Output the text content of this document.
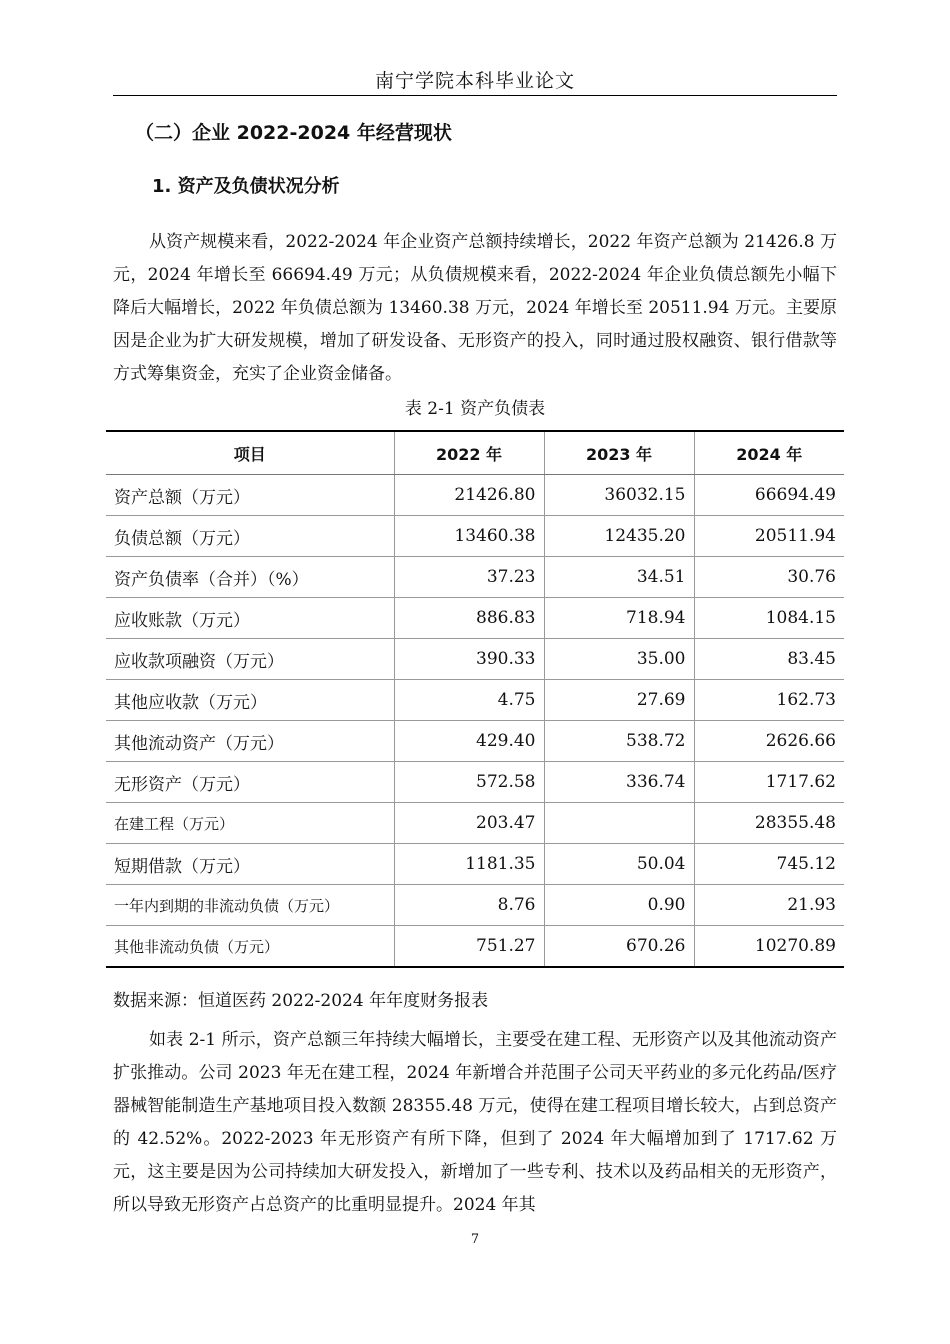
南宁学院本科毕业论文
（二）企业 2022-2024 年经营现状
1. 资产及负债状况分析
从资产规模来看，2022-2024 年企业资产总额持续增长，2022 年资产总额为 21426.8 万元，2024 年增长至 66694.49 万元；从负债规模来看，2022-2024 年企业负债总额先小幅下降后大幅增长，2022 年负债总额为 13460.38 万元，2024 年增长至 20511.94 万元。主要原因是企业为扩大研发规模，增加了研发设备、无形资产的投入，同时通过股权融资、银行借款等方式筹集资金，充实了企业资金储备。
表 2-1 资产负债表
项目	2022 年	2023 年	2024 年
资产总额（万元）	21426.80	36032.15	66694.49
负债总额（万元）	13460.38	12435.20	20511.94
资产负债率（合并）（%）	37.23	34.51	30.76
应收账款（万元）	886.83	718.94	1084.15
应收款项融资（万元）	390.33	35.00	83.45
其他应收款（万元）	4.75	27.69	162.73
其他流动资产（万元）	429.40	538.72	2626.66
无形资产（万元）	572.58	336.74	1717.62
在建工程（万元）	203.47		28355.48
短期借款（万元）	1181.35	50.04	745.12
一年内到期的非流动负债（万元）	8.76	0.90	21.93
其他非流动负债（万元）	751.27	670.26	10270.89
数据来源：恒道医药 2022-2024 年年度财务报表
如表 2-1 所示，资产总额三年持续大幅增长，主要受在建工程、无形资产以及其他流动资产扩张推动。公司 2023 年无在建工程，2024 年新增合并范围子公司天平药业的多元化药品/医疗器械智能制造生产基地项目投入数额 28355.48 万元，使得在建工程项目增长较大，占到总资产的 42.52%。2022-2023 年无形资产有所下降，但到了 2024 年大幅增加到了 1717.62 万元，这主要是因为公司持续加大研发投入，新增加了一些专利、技术以及药品相关的无形资产，所以导致无形资产占总资产的比重明显提升。2024 年其
7
